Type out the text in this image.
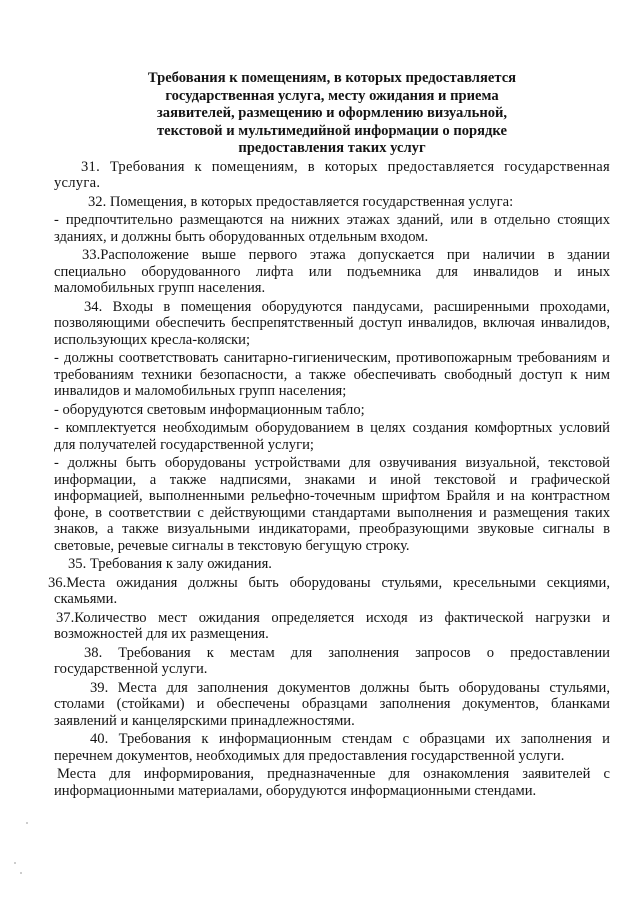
Требования к помещениям, в которых предоставляется
государственная услуга, месту ожидания и приема
заявителей, размещению и оформлению визуальной,
текстовой и мультимедийной информации о порядке
предоставления таких услуг

31. Требования к помещениям, в которых предоставляется государственная услуга.

32. Помещения, в которых предоставляется государственная услуга:

- предпочтительно размещаются на нижних этажах зданий, или в отдельно стоящих зданиях, и должны быть оборудованных отдельным входом.

33.Расположение выше первого этажа допускается при наличии в здании специально оборудованного лифта или подъемника для инвалидов и иных маломобильных групп населения.

34. Входы в помещения оборудуются пандусами, расширенными проходами, позволяющими обеспечить беспрепятственный доступ инвалидов, включая инвалидов, использующих кресла-коляски;

- должны соответствовать санитарно-гигиеническим, противопожарным требованиям и требованиям техники безопасности, а также обеспечивать свободный доступ к ним инвалидов и маломобильных групп населения;

- оборудуются световым информационным табло;

- комплектуется необходимым оборудованием в целях создания комфортных условий для получателей государственной услуги;

- должны быть оборудованы устройствами для озвучивания визуальной, текстовой информации, а также надписями, знаками и иной текстовой и графической информацией, выполненными рельефно-точечным шрифтом Брайля и на контрастном фоне, в соответствии с действующими стандартами выполнения и размещения таких знаков, а также визуальными индикаторами, преобразующими звуковые сигналы в световые, речевые сигналы в текстовую бегущую строку.

35. Требования к залу ожидания.

36.Места ожидания должны быть оборудованы стульями, кресельными секциями, скамьями.

37.Количество мест ожидания определяется исходя из фактической нагрузки и возможностей для их размещения.

38. Требования к местам для заполнения запросов о предоставлении государственной услуги.

39. Места для заполнения документов должны быть оборудованы стульями, столами (стойками) и обеспечены образцами заполнения документов, бланками заявлений и канцелярскими принадлежностями.

40. Требования к информационным стендам с образцами их заполнения и перечнем документов, необходимых для предоставления государственной услуги.

Места для информирования, предназначенные для ознакомления заявителей с информационными материалами, оборудуются информационными стендами.
